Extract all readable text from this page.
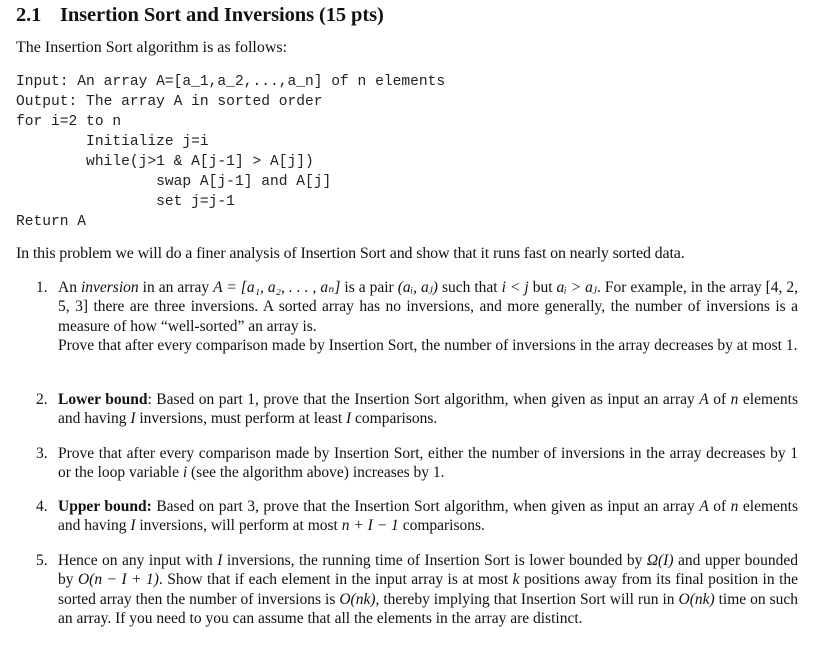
2.1 Insertion Sort and Inversions (15 pts)
The Insertion Sort algorithm is as follows:
Input: An array A=[a_1,a_2,...,a_n] of n elements
Output: The array A in sorted order
for i=2 to n
Initialize j=i
while(j>1 & A[j-1] > A[j])
swap A[j-1] and A[j]
set j=j-1
Return A
In this problem we will do a finer analysis of Insertion Sort and show that it runs fast on nearly sorted data.
1. An inversion in an array A = [a₁, a₂, . . . , aₙ] is a pair (aᵢ, aⱼ) such that i < j but aᵢ > aⱼ. For example, in the array [4, 2, 5, 3] there are three inversions. A sorted array has no inversions, and more generally, the number of inversions is a measure of how “well-sorted” an array is.

Prove that after every comparison made by Insertion Sort, the number of inversions in the array decreases by at most 1.

2. Lower bound: Based on part 1, prove that the Insertion Sort algorithm, when given as input an array A of n elements and having I inversions, must perform at least I comparisons.

3. Prove that after every comparison made by Insertion Sort, either the number of inversions in the array decreases by 1 or the loop variable i (see the algorithm above) increases by 1.

4. Upper bound: Based on part 3, prove that the Insertion Sort algorithm, when given as input an array A of n elements and having I inversions, will perform at most n + I − 1 comparisons.

5. Hence on any input with I inversions, the running time of Insertion Sort is lower bounded by Ω(I) and upper bounded by O(n − I + 1). Show that if each element in the input array is at most k positions away from its final position in the sorted array then the number of inversions is O(nk), thereby implying that Insertion Sort will run in O(nk) time on such an array. If you need to you can assume that all the elements in the array are distinct.
